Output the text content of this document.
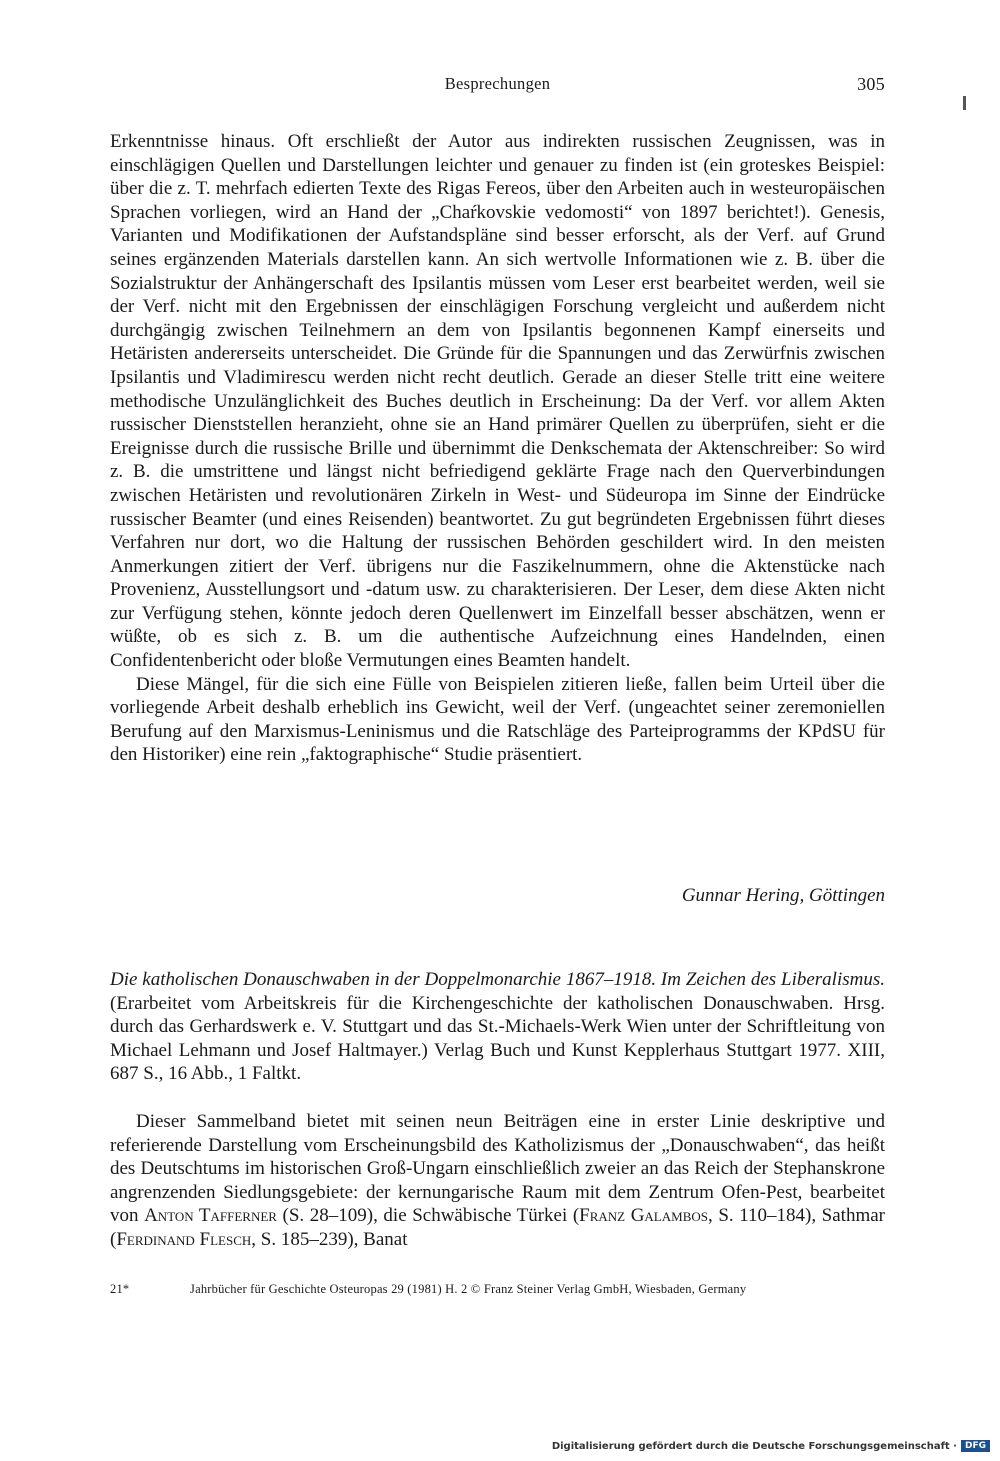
Besprechungen	305

Erkenntnisse hinaus. Oft erschließt der Autor aus indirekten russischen Zeugnissen, was in einschlägigen Quellen und Darstellungen leichter und genauer zu finden ist (ein groteskes Beispiel: über die z. T. mehrfach edierten Texte des Rigas Fereos, über den Arbeiten auch in westeuropäischen Sprachen vorliegen, wird an Hand der „Chaŕkovskie vedomosti“ von 1897 berichtet!). Genesis, Varianten und Modifikationen der Aufstandspläne sind besser erforscht, als der Verf. auf Grund seines ergänzenden Materials darstellen kann. An sich wertvolle Informationen wie z. B. über die Sozialstruktur der Anhängerschaft des Ipsilantis müssen vom Leser erst bearbeitet werden, weil sie der Verf. nicht mit den Ergebnissen der einschlägigen Forschung vergleicht und außerdem nicht durchgängig zwischen Teilnehmern an dem von Ipsilantis begonnenen Kampf einerseits und Hetäristen andererseits unterscheidet. Die Gründe für die Spannungen und das Zerwürfnis zwischen Ipsilantis und Vladimirescu werden nicht recht deutlich. Gerade an dieser Stelle tritt eine weitere methodische Unzulänglichkeit des Buches deutlich in Erscheinung: Da der Verf. vor allem Akten russischer Dienststellen heranzieht, ohne sie an Hand primärer Quellen zu überprüfen, sieht er die Ereignisse durch die russische Brille und übernimmt die Denkschemata der Aktenschreiber: So wird z. B. die umstrittene und längst nicht befriedigend geklärte Frage nach den Querverbindungen zwischen Hetäristen und revolutionären Zirkeln in West- und Südeuropa im Sinne der Eindrücke russischer Beamter (und eines Reisenden) beantwortet. Zu gut begründeten Ergebnissen führt dieses Verfahren nur dort, wo die Haltung der russischen Behörden geschildert wird. In den meisten Anmerkungen zitiert der Verf. übrigens nur die Faszikelnummern, ohne die Aktenstücke nach Provenienz, Ausstellungsort und -datum usw. zu charakterisieren. Der Leser, dem diese Akten nicht zur Verfügung stehen, könnte jedoch deren Quellenwert im Einzelfall besser abschätzen, wenn er wüßte, ob es sich z. B. um die authentische Aufzeichnung eines Handelnden, einen Confidentenbericht oder bloße Vermutungen eines Beamten handelt.

Diese Mängel, für die sich eine Fülle von Beispielen zitieren ließe, fallen beim Urteil über die vorliegende Arbeit deshalb erheblich ins Gewicht, weil der Verf. (ungeachtet seiner zeremoniellen Berufung auf den Marxismus-Leninismus und die Ratschläge des Parteiprogramms der KPdSU für den Historiker) eine rein „faktographische“ Studie präsentiert.

Gunnar Hering, Göttingen

Die katholischen Donauschwaben in der Doppelmonarchie 1867–1918. Im Zeichen des Liberalismus. (Erarbeitet vom Arbeitskreis für die Kirchengeschichte der katholischen Donauschwaben. Hrsg. durch das Gerhardswerk e. V. Stuttgart und das St.-Michaels-Werk Wien unter der Schriftleitung von Michael Lehmann und Josef Haltmayer.) Verlag Buch und Kunst Kepplerhaus Stuttgart 1977. XIII, 687 S., 16 Abb., 1 Faltkt.

Dieser Sammelband bietet mit seinen neun Beiträgen eine in erster Linie deskriptive und referierende Darstellung vom Erscheinungsbild des Katholizismus der „Donauschwaben“, das heißt des Deutschtums im historischen Groß-Ungarn einschließlich zweier an das Reich der Stephanskrone angrenzenden Siedlungsgebiete: der kernungarische Raum mit dem Zentrum Ofen-Pest, bearbeitet von Anton Tafferner (S. 28–109), die Schwäbische Türkei (Franz Galambos, S. 110–184), Sathmar (Ferdinand Flesch, S. 185–239), Banat

21*	Jahrbücher für Geschichte Osteuropas 29 (1981) H. 2 © Franz Steiner Verlag GmbH, Wiesbaden, Germany
Digitalisierung gefördert durch die Deutsche Forschungsgemeinschaft · DFG
